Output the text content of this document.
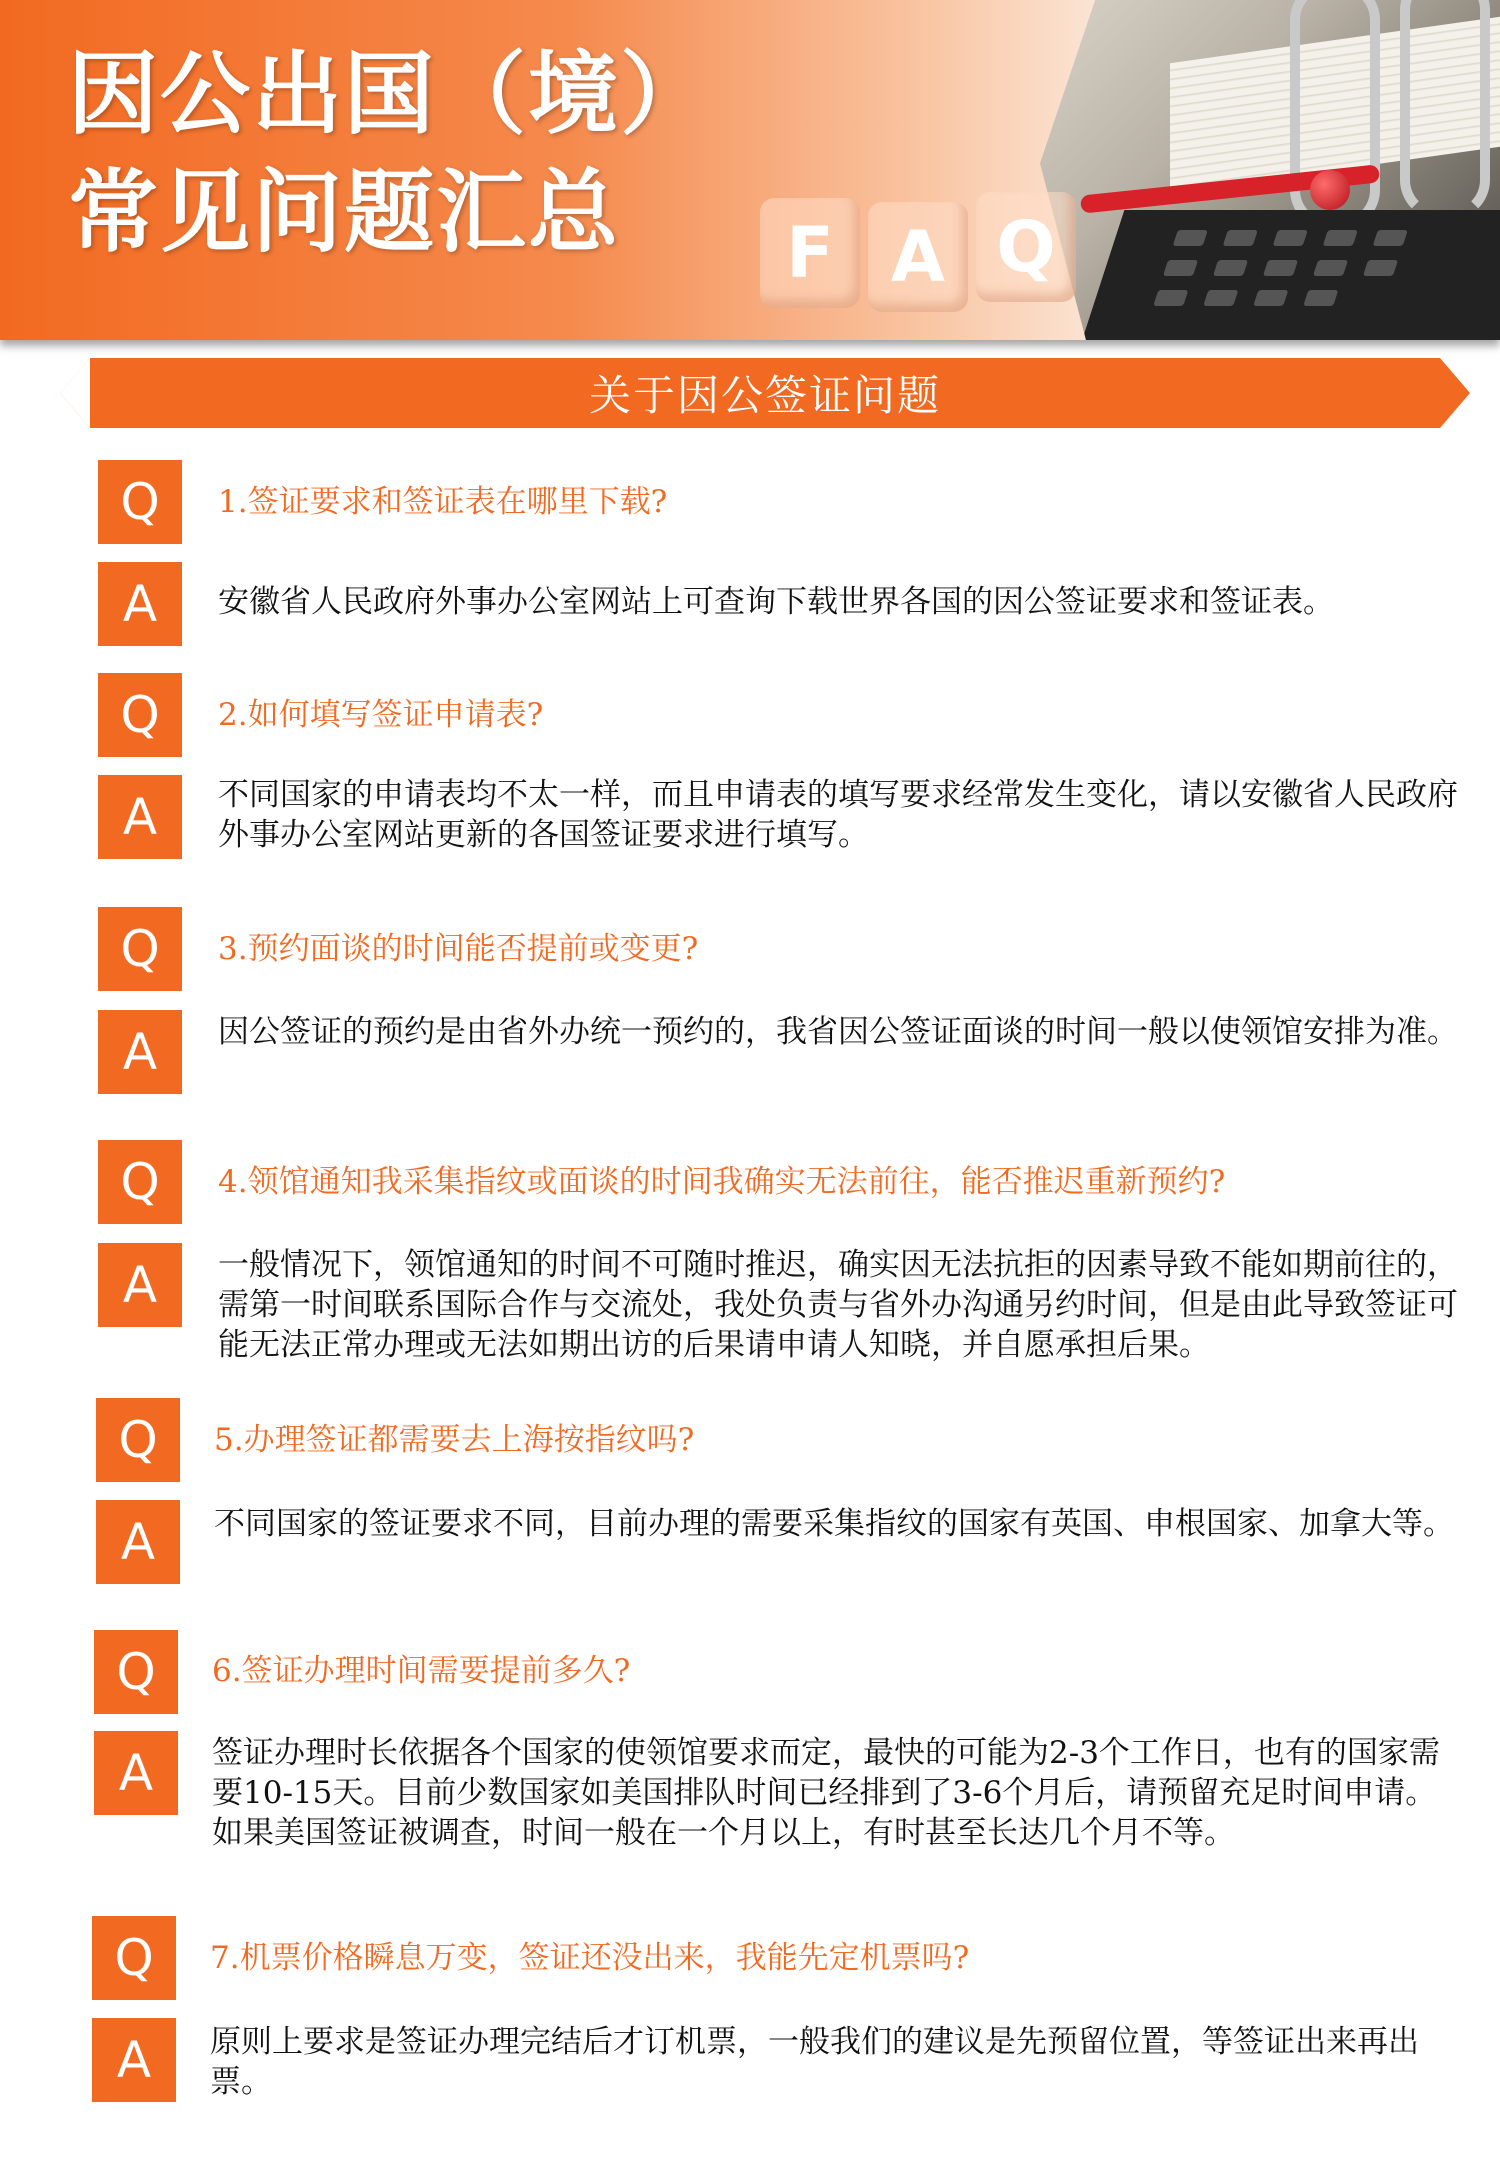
因公出国（境）
常见问题汇总	F A Q
关于因公签证问题
Q	1.签证要求和签证表在哪里下载?
A	安徽省人民政府外事办公室网站上可查询下载世界各国的因公签证要求和签证表。
Q	2.如何填写签证申请表?
A	不同国家的申请表均不太一样，而且申请表的填写要求经常发生变化，请以安徽省人民政府外事办公室网站更新的各国签证要求进行填写。
Q	3.预约面谈的时间能否提前或变更?
A	因公签证的预约是由省外办统一预约的，我省因公签证面谈的时间一般以使领馆安排为准。
Q	4.领馆通知我采集指纹或面谈的时间我确实无法前往，能否推迟重新预约?
A	一般情况下，领馆通知的时间不可随时推迟，确实因无法抗拒的因素导致不能如期前往的，需第一时间联系国际合作与交流处，我处负责与省外办沟通另约时间，但是由此导致签证可能无法正常办理或无法如期出访的后果请申请人知晓，并自愿承担后果。
Q	5.办理签证都需要去上海按指纹吗?
A	不同国家的签证要求不同，目前办理的需要采集指纹的国家有英国、申根国家、加拿大等。
Q	6.签证办理时间需要提前多久?
A	签证办理时长依据各个国家的使领馆要求而定，最快的可能为2-3个工作日，也有的国家需要10-15天。目前少数国家如美国排队时间已经排到了3-6个月后，请预留充足时间申请。如果美国签证被调查，时间一般在一个月以上，有时甚至长达几个月不等。
Q	7.机票价格瞬息万变，签证还没出来，我能先定机票吗?
A	原则上要求是签证办理完结后才订机票，一般我们的建议是先预留位置，等签证出来再出票。
